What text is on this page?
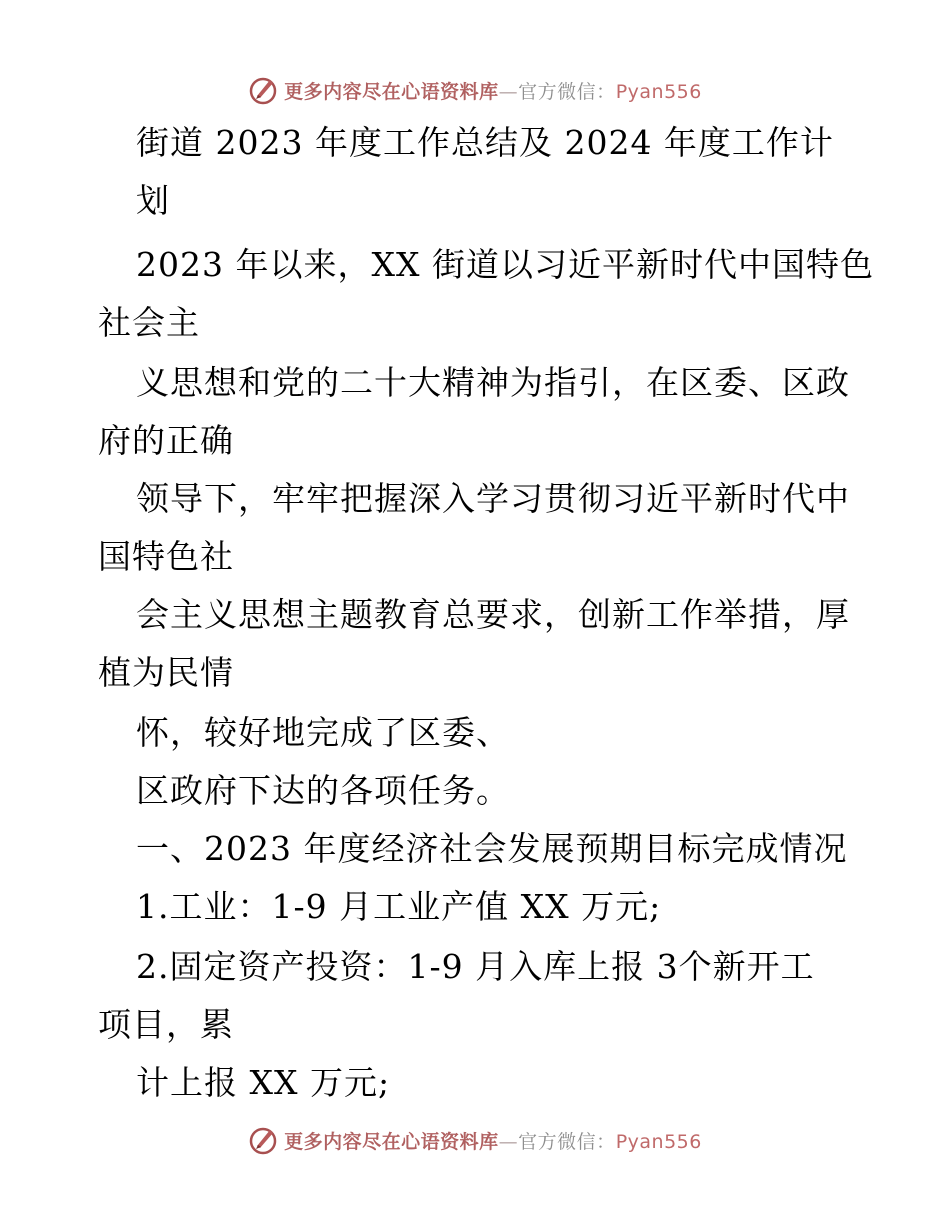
更多内容尽在心语资料库—官方微信：Pyan556
街道 2023 年度工作总结及 2024 年度工作计
划
2023 年以来，XX 街道以习近平新时代中国特色
社会主
义思想和党的二十大精神为指引，在区委、区政
府的正确
领导下，牢牢把握深入学习贯彻习近平新时代中
国特色社
会主义思想主题教育总要求，创新工作举措，厚
植为民情
怀，较好地完成了区委、
区政府下达的各项任务。
一、2023 年度经济社会发展预期目标完成情况
1.工业：1-9 月工业产值 XX 万元;
2.固定资产投资：1-9 月入库上报 3个新开工
项目，累
计上报 XX 万元;
更多内容尽在心语资料库—官方微信：Pyan556
